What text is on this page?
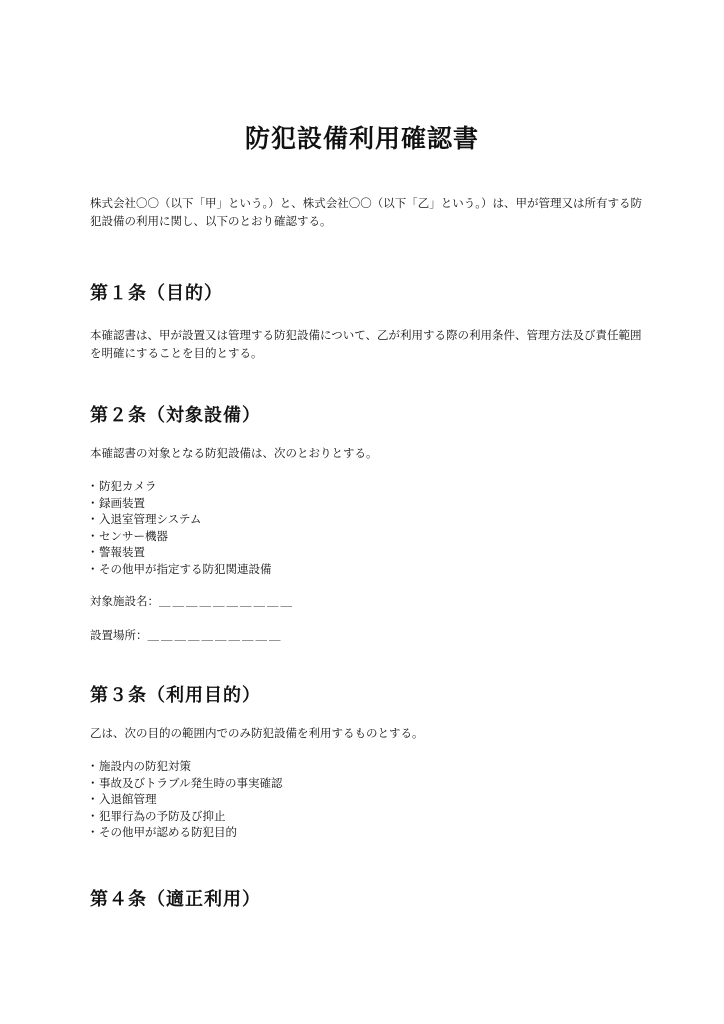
防犯設備利用確認書
株式会社〇〇（以下「甲」という。）と、株式会社〇〇（以下「乙」という。）は、甲が管理又は所有する防犯設備の利用に関し、以下のとおり確認する。
第１条（目的）

本確認書は、甲が設置又は管理する防犯設備について、乙が利用する際の利用条件、管理方法及び責任範囲を明確にすることを目的とする。

第２条（対象設備）

本確認書の対象となる防犯設備は、次のとおりとする。

・ 防犯カメラ
・ 録画装置
・ 入退室管理システム
・ センサー機器
・ 警報装置
・ その他甲が指定する防犯関連設備
対象施設名：＿＿＿＿＿＿＿＿＿＿
設置場所：＿＿＿＿＿＿＿＿＿＿
第３条（利用目的）

乙は、次の目的の範囲内でのみ防犯設備を利用するものとする。

・ 施設内の防犯対策
・ 事故及びトラブル発生時の事実確認
・ 入退館管理
・ 犯罪行為の予防及び抑止
・ その他甲が認める防犯目的
第４条（適正利用）
